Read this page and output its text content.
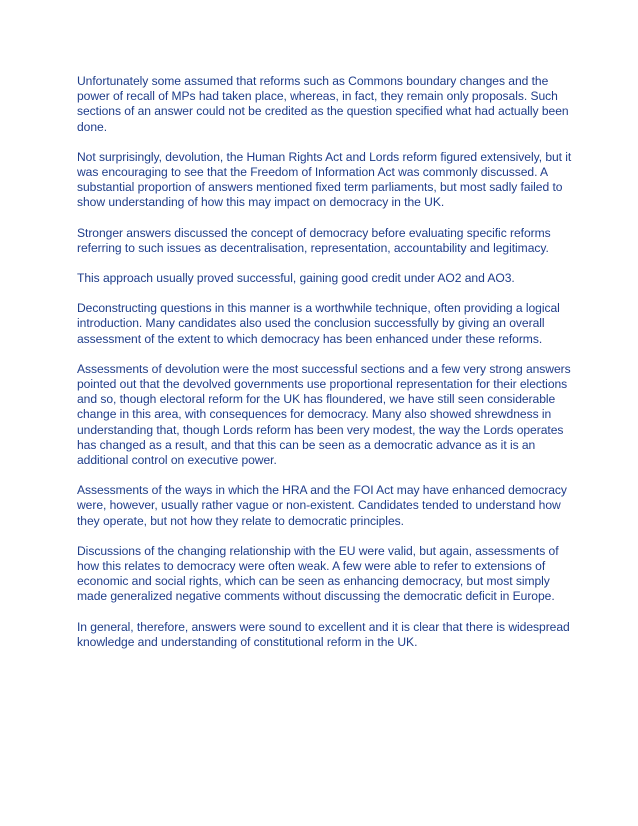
Unfortunately some assumed that reforms such as Commons boundary changes and the power of recall of MPs had taken place, whereas, in fact, they remain only proposals. Such sections of an answer could not be credited as the question specified what had actually been done.

Not surprisingly, devolution, the Human Rights Act and Lords reform figured extensively, but it was encouraging to see that the Freedom of Information Act was commonly discussed. A substantial proportion of answers mentioned fixed term parliaments, but most sadly failed to show understanding of how this may impact on democracy in the UK.

Stronger answers discussed the concept of democracy before evaluating specific reforms referring to such issues as decentralisation, representation, accountability and legitimacy.

This approach usually proved successful, gaining good credit under AO2 and AO3.

Deconstructing questions in this manner is a worthwhile technique, often providing a logical introduction. Many candidates also used the conclusion successfully by giving an overall assessment of the extent to which democracy has been enhanced under these reforms.

Assessments of devolution were the most successful sections and a few very strong answers pointed out that the devolved governments use proportional representation for their elections and so, though electoral reform for the UK has floundered, we have still seen considerable change in this area, with consequences for democracy. Many also showed shrewdness in understanding that, though Lords reform has been very modest, the way the Lords operates has changed as a result, and that this can be seen as a democratic advance as it is an additional control on executive power.

Assessments of the ways in which the HRA and the FOI Act may have enhanced democracy were, however, usually rather vague or non-existent. Candidates tended to understand how they operate, but not how they relate to democratic principles.

Discussions of the changing relationship with the EU were valid, but again, assessments of how this relates to democracy were often weak. A few were able to refer to extensions of economic and social rights, which can be seen as enhancing democracy, but most simply made generalized negative comments without discussing the democratic deficit in Europe.

In general, therefore, answers were sound to excellent and it is clear that there is widespread knowledge and understanding of constitutional reform in the UK.
